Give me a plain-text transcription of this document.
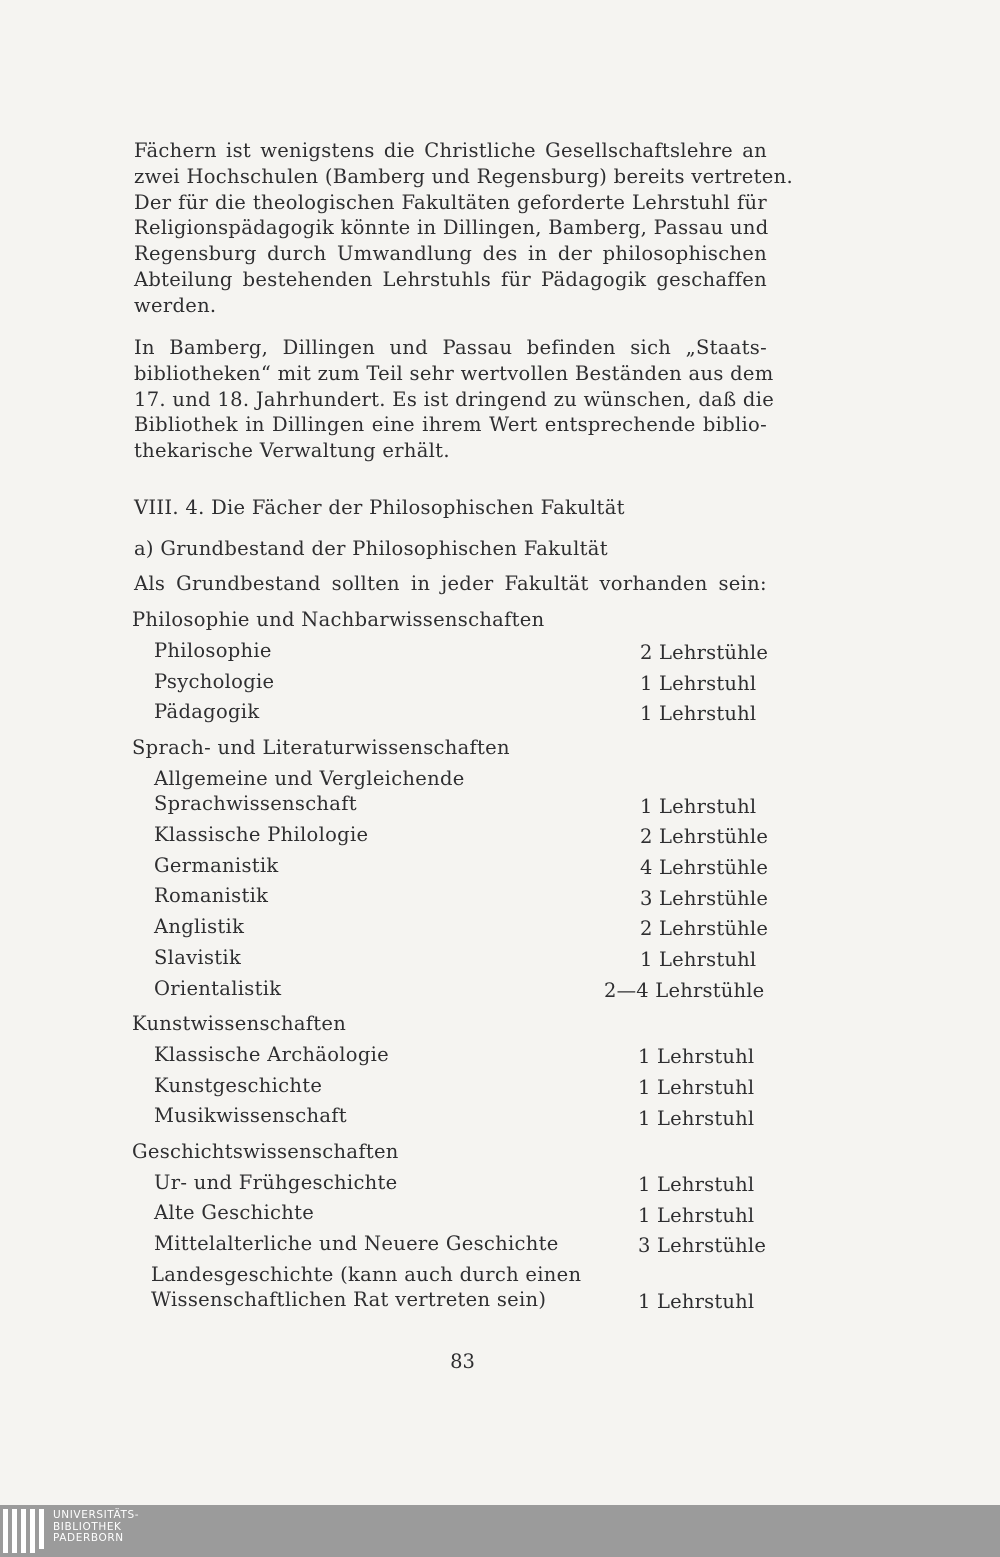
Fächern ist wenigstens die Christliche Gesellschaftslehre an
zwei Hochschulen (Bamberg und Regensburg) bereits vertreten.
Der für die theologischen Fakultäten geforderte Lehrstuhl für
Religionspädagogik könnte in Dillingen, Bamberg, Passau und
Regensburg durch Umwandlung des in der philosophischen
Abteilung bestehenden Lehrstuhls für Pädagogik geschaffen
werden.
In Bamberg, Dillingen und Passau befinden sich „Staats-
bibliotheken“ mit zum Teil sehr wertvollen Beständen aus dem
17. und 18. Jahrhundert. Es ist dringend zu wünschen, daß die
Bibliothek in Dillingen eine ihrem Wert entsprechende biblio-
thekarische Verwaltung erhält.
VIII. 4. Die Fächer der Philosophischen Fakultät
a) Grundbestand der Philosophischen Fakultät
Als Grundbestand sollten in jeder Fakultät vorhanden sein:
Philosophie und Nachbarwissenschaften
Philosophie	2 Lehrstühle
Psychologie	1 Lehrstuhl
Pädagogik	1 Lehrstuhl
Sprach- und Literaturwissenschaften
Allgemeine und Vergleichende
Sprachwissenschaft	1 Lehrstuhl
Klassische Philologie	2 Lehrstühle
Germanistik	4 Lehrstühle
Romanistik	3 Lehrstühle
Anglistik	2 Lehrstühle
Slavistik	1 Lehrstuhl
Orientalistik	2—4 Lehrstühle
Kunstwissenschaften
Klassische Archäologie	1 Lehrstuhl
Kunstgeschichte	1 Lehrstuhl
Musikwissenschaft	1 Lehrstuhl
Geschichtswissenschaften
Ur- und Frühgeschichte	1 Lehrstuhl
Alte Geschichte	1 Lehrstuhl
Mittelalterliche und Neuere Geschichte	3 Lehrstühle
Landesgeschichte (kann auch durch einen
Wissenschaftlichen Rat vertreten sein)	1 Lehrstuhl
83
UNIVERSITÄTS-
BIBLIOTHEK
PADERBORN
